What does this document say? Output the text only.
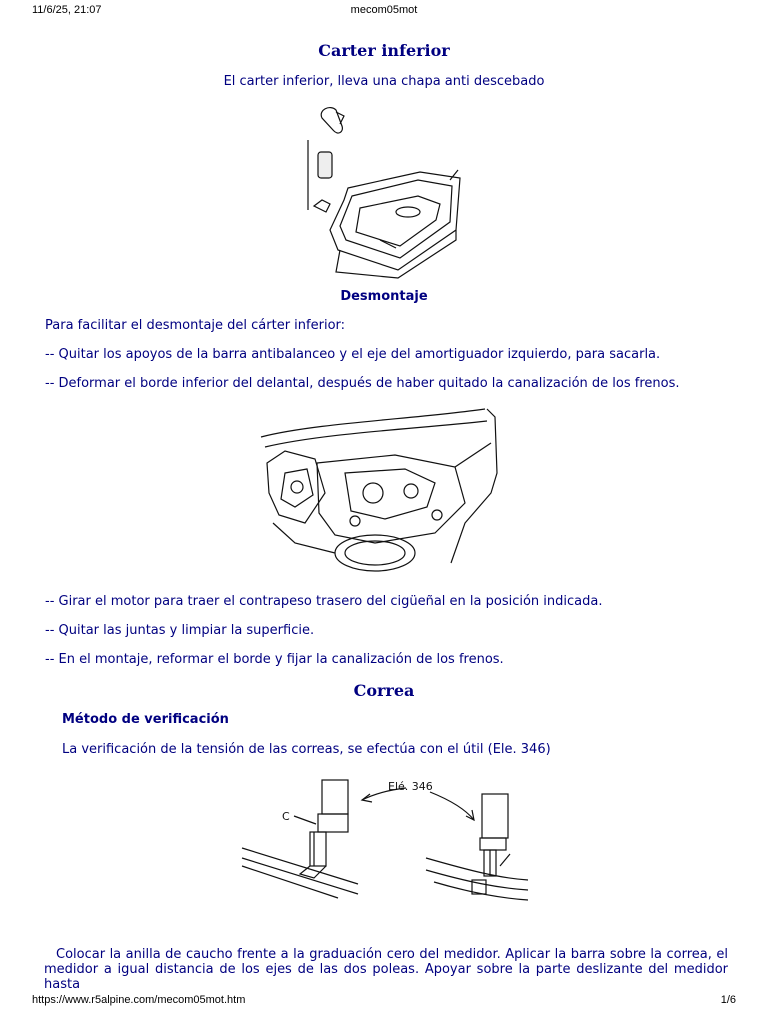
11/6/25, 21:07	mecom05mot
Carter inferior
El carter inferior, lleva una chapa anti descebado
Desmontaje
Para facilitar el desmontaje del cárter inferior:
-- Quitar los apoyos de la barra antibalanceo y el eje del amortiguador izquierdo, para sacarla.
-- Deformar el borde inferior del delantal, después de haber quitado la canalización de los frenos.
-- Girar el motor para traer el contrapeso trasero del cigüeñal en la posición indicada.
-- Quitar las juntas y limpiar la superficie.
-- En el montaje, reformar el borde y fijar la canalización de los frenos.
Correa
Método de verificación
La verificación de la tensión de las correas, se efectúa con el útil (Ele. 346)
Elé. 346
C
Colocar la anilla de caucho frente a la graduación cero del medidor. Aplicar la barra sobre la correa, el medidor a igual distancia de los ejes de las dos poleas. Apoyar sobre la parte deslizante del medidor hasta
https://www.r5alpine.com/mecom05mot.htm	1/6
